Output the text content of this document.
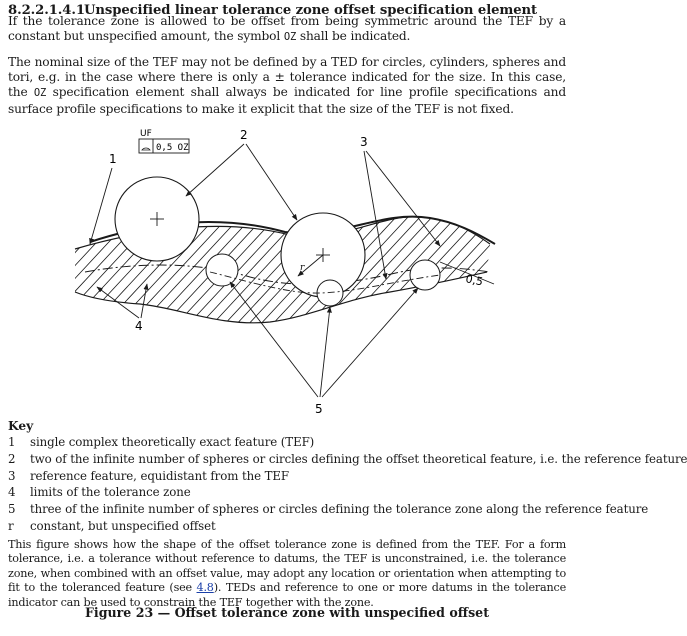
8.2.2.1.4.1Unspecified linear tolerance zone offset specification element

If the tolerance zone is allowed to be offset from being symmetric around the TEF by a constant but unspecified amount, the symbol OZ shall be indicated.

The nominal size of the TEF may not be defined by a TED for circles, cylinders, spheres and tori, e.g. in the case where there is only a ± tolerance indicated for the size. In this case, the OZ specification element shall always be indicated for line profile specifications and surface profile specifications to make it explicit that the size of the TEF is not fixed.

UF
0,5 OZ
r
0,5
1
2	3
4
5
Key
1 single complex theoretically exact feature (TEF)
2 two of the infinite number of spheres or circles defining the offset theoretical feature, i.e. the reference feature
3 reference feature, equidistant from the TEF
4 limits of the tolerance zone
5 three of the infinite number of spheres or circles defining the tolerance zone along the reference feature
r constant, but unspecified offset

This figure shows how the shape of the offset tolerance zone is defined from the TEF. For a form tolerance, i.e. a tolerance without reference to datums, the TEF is unconstrained, i.e. the tolerance zone, when combined with an offset value, may adopt any location or orientation when attempting to fit to the toleranced feature (see 4.8). TEDs and reference to one or more datums in the tolerance indicator can be used to constrain the TEF together with the zone.

Figure 23 — Offset tolerance zone with unspecified offset
